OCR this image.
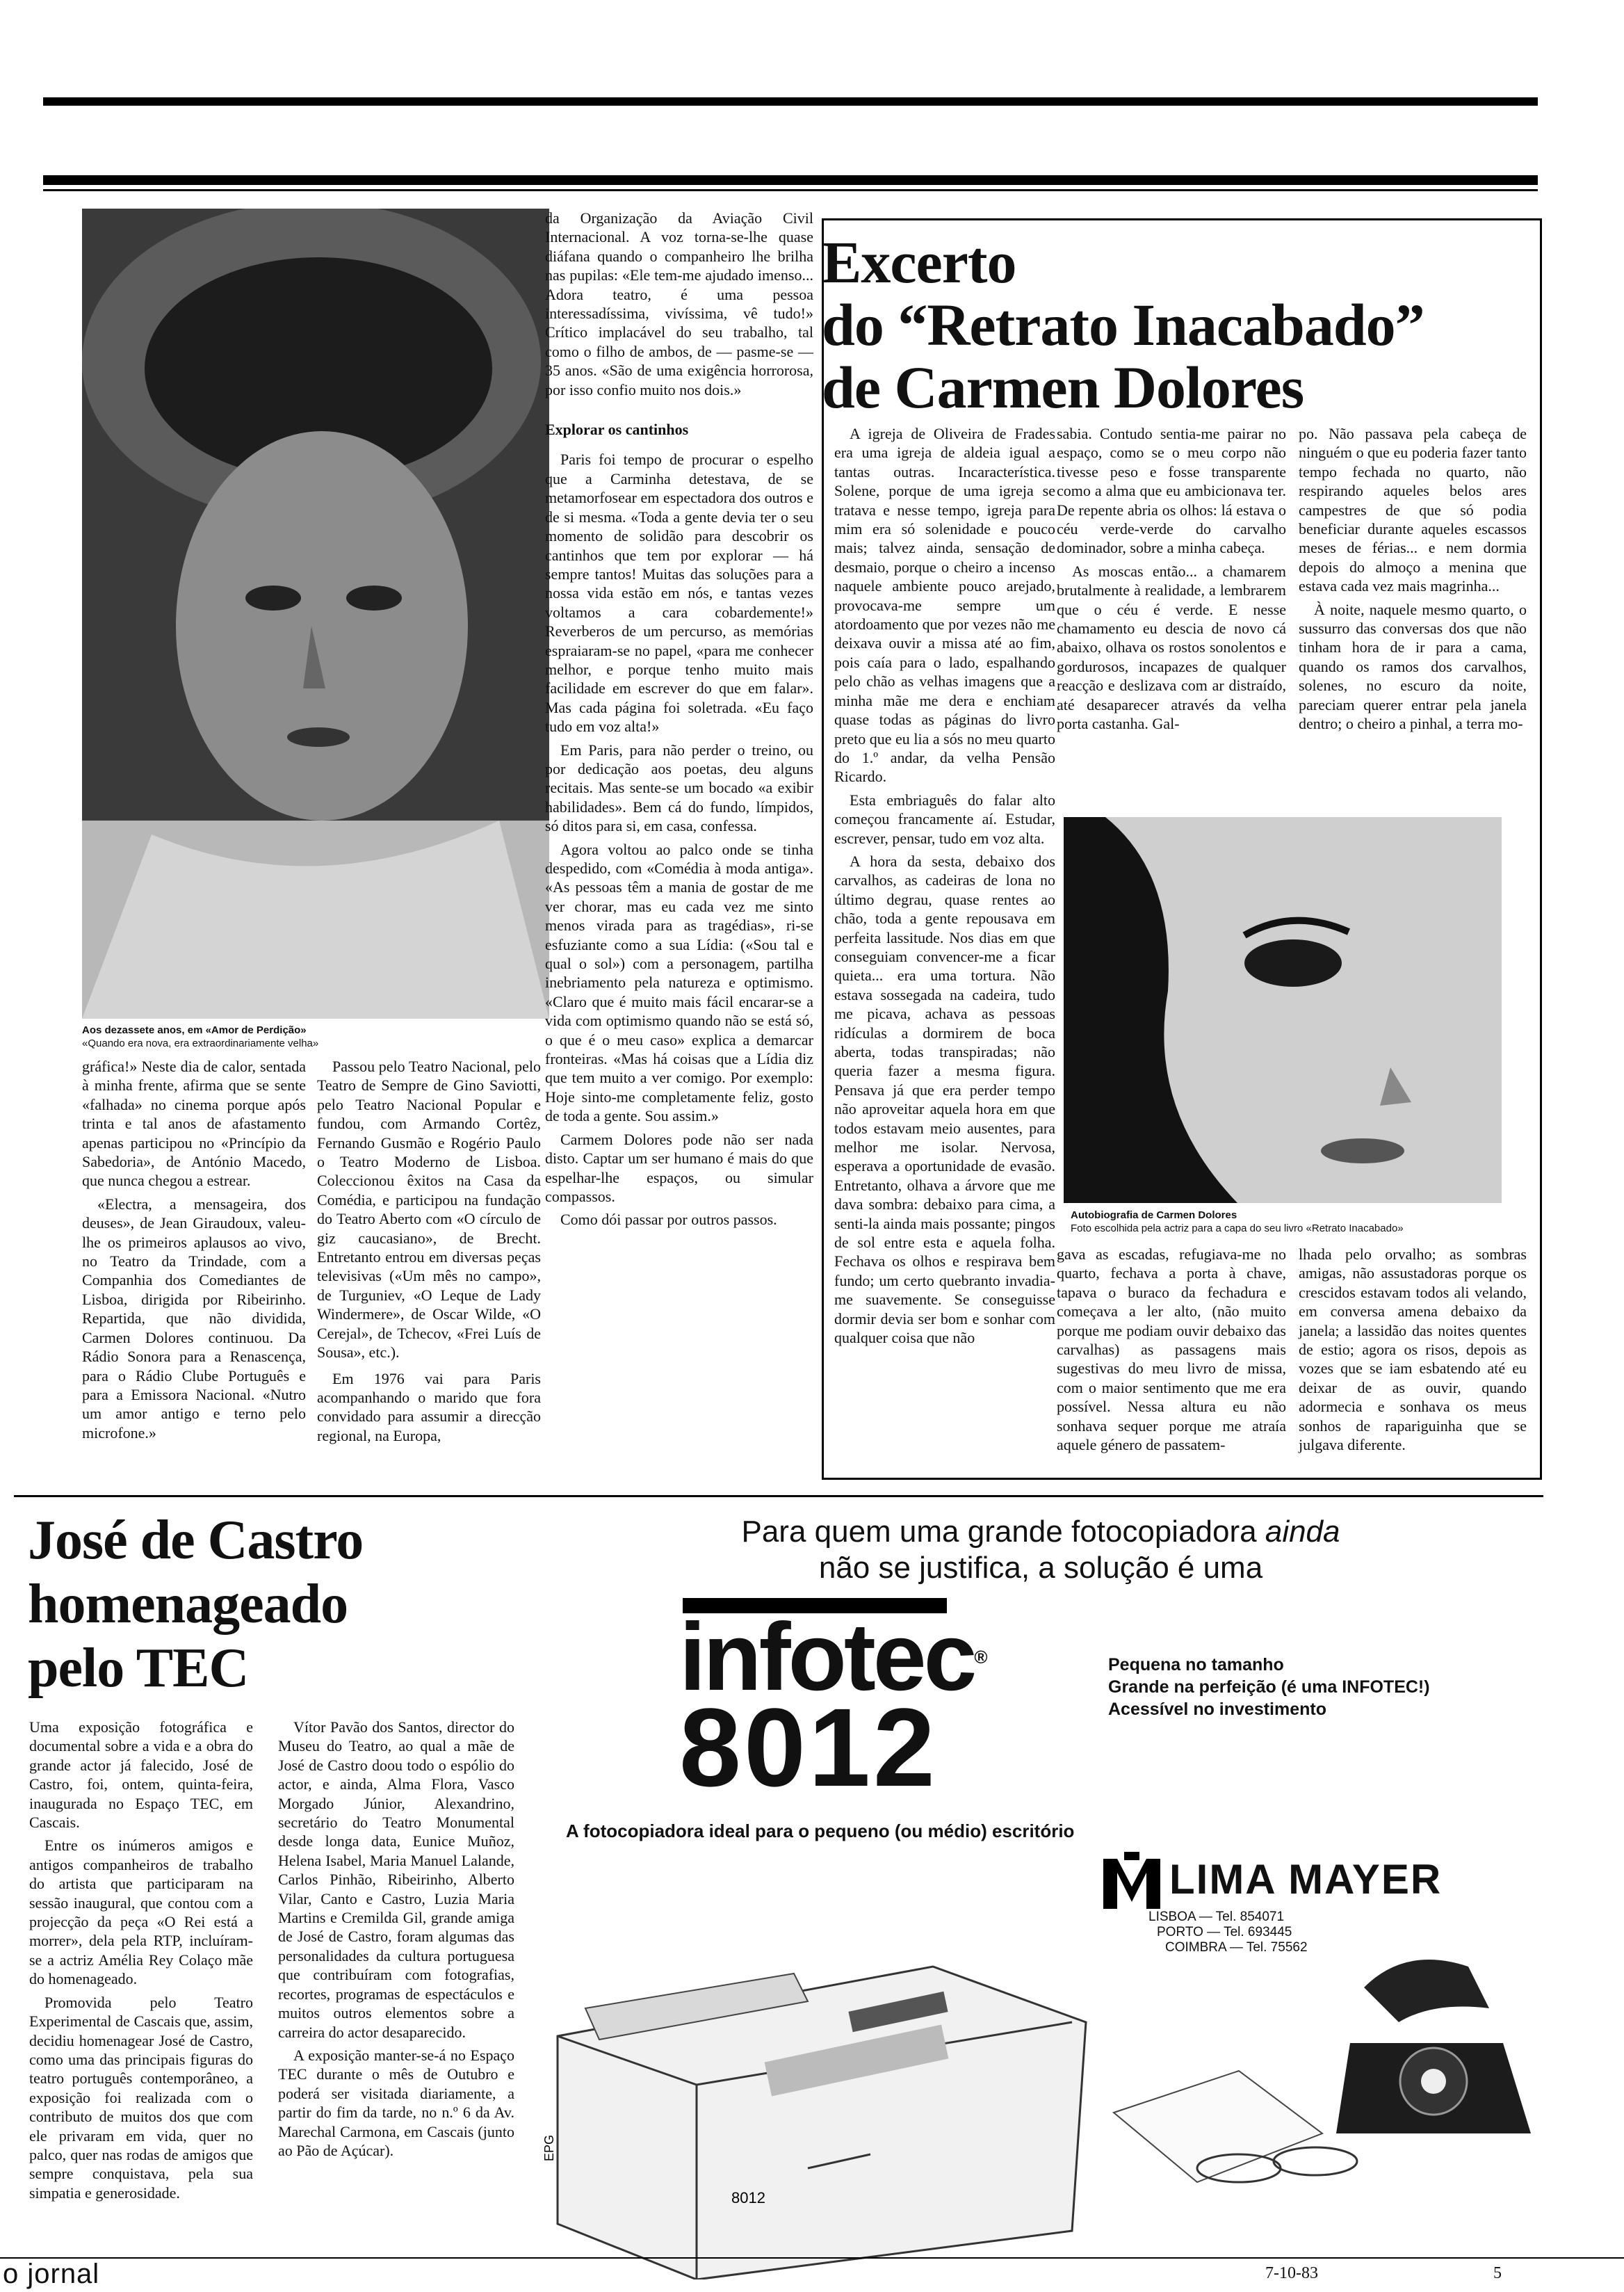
Aos dezassete anos, em «Amor de Perdição»
«Quando era nova, era extraordinariamente velha»

gráfica!» Neste dia de calor, sentada à minha frente, afirma que se sente «falhada» no cinema porque após trinta e tal anos de afastamento apenas participou no «Princípio da Sabedoria», de António Macedo, que nunca chegou a estrear.

«Electra, a mensageira, dos deuses», de Jean Giraudoux, valeu-lhe os primeiros aplausos ao vivo, no Teatro da Trindade, com a Companhia dos Comediantes de Lisboa, dirigida por Ribeirinho. Repartida, que não dividida, Carmen Dolores continuou. Da Rádio Sonora para a Renascença, para o Rádio Clube Português e para a Emissora Nacional. «Nutro um amor antigo e terno pelo microfone.»

Passou pelo Teatro Nacional, pelo Teatro de Sempre de Gino Saviotti, pelo Teatro Nacional Popular e fundou, com Armando Cortêz, Fernando Gusmão e Rogério Paulo o Teatro Moderno de Lisboa. Coleccionou êxitos na Casa da Comédia, e participou na fundação do Teatro Aberto com «O círculo de giz caucasiano», de Brecht. Entretanto entrou em diversas peças televisivas («Um mês no campo», de Turguniev, «O Leque de Lady Windermere», de Oscar Wilde, «O Cerejal», de Tchecov, «Frei Luís de Sousa», etc.).

Em 1976 vai para Paris acompanhando o marido que fora convidado para assumir a direcção regional, na Europa,

da Organização da Aviação Civil Internacional. A voz torna-se-lhe quase diáfana quando o companheiro lhe brilha nas pupilas: «Ele tem-me ajudado imenso... Adora teatro, é uma pessoa interessadíssima, vivíssima, vê tudo!» Crítico implacável do seu trabalho, tal como o filho de ambos, de — pasme-se — 35 anos. «São de uma exigência horrorosa, por isso confio muito nos dois.»

Explorar os cantinhos

Paris foi tempo de procurar o espelho que a Carminha detestava, de se metamorfosear em espectadora dos outros e de si mesma. «Toda a gente devia ter o seu momento de solidão para descobrir os cantinhos que tem por explorar — há sempre tantos! Muitas das soluções para a nossa vida estão em nós, e tantas vezes voltamos a cara cobardemente!» Reverberos de um percurso, as memórias espraiaram-se no papel, «para me conhecer melhor, e porque tenho muito mais facilidade em escrever do que em falar». Mas cada página foi soletrada. «Eu faço tudo em voz alta!»

Em Paris, para não perder o treino, ou por dedicação aos poetas, deu alguns recitais. Mas sente-se um bocado «a exibir habilidades». Bem cá do fundo, límpidos, só ditos para si, em casa, confessa.

Agora voltou ao palco onde se tinha despedido, com «Comédia à moda antiga». «As pessoas têm a mania de gostar de me ver chorar, mas eu cada vez me sinto menos virada para as tragédias», ri-se esfuziante como a sua Lídia: («Sou tal e qual o sol») com a personagem, partilha inebriamento pela natureza e optimismo. «Claro que é muito mais fácil encarar-se a vida com optimismo quando não se está só, o que é o meu caso» explica a demarcar fronteiras. «Mas há coisas que a Lídia diz que tem muito a ver comigo. Por exemplo: Hoje sinto-me completamente feliz, gosto de toda a gente. Sou assim.»

Carmem Dolores pode não ser nada disto. Captar um ser humano é mais do que espelhar-lhe espaços, ou simular compassos.

Como dói passar por outros passos.

Excerto
do “Retrato Inacabado”
de Carmen Dolores

A igreja de Oliveira de Frades era uma igreja de aldeia igual a tantas outras. Incaracterística. Solene, porque de uma igreja se tratava e nesse tempo, igreja para mim era só solenidade e pouco mais; talvez ainda, sensação de desmaio, porque o cheiro a incenso naquele ambiente pouco arejado, provocava-me sempre um atordoamento que por vezes não me deixava ouvir a missa até ao fim, pois caía para o lado, espalhando pelo chão as velhas imagens que a minha mãe me dera e enchiam quase todas as páginas do livro preto que eu lia a sós no meu quarto do 1.º andar, da velha Pensão Ricardo.

Esta embriaguês do falar alto começou francamente aí. Estudar, escrever, pensar, tudo em voz alta.

A hora da sesta, debaixo dos carvalhos, as cadeiras de lona no último degrau, quase rentes ao chão, toda a gente repousava em perfeita lassitude. Nos dias em que conseguiam convencer-me a ficar quieta... era uma tortura. Não estava sossegada na cadeira, tudo me picava, achava as pessoas ridículas a dormirem de boca aberta, todas transpiradas; não queria fazer a mesma figura. Pensava já que era perder tempo não aproveitar aquela hora em que todos estavam meio ausentes, para melhor me isolar. Nervosa, esperava a oportunidade de evasão. Entretanto, olhava a árvore que me dava sombra: debaixo para cima, a senti-la ainda mais possante; pingos de sol entre esta e aquela folha. Fechava os olhos e respirava bem fundo; um certo quebranto invadia-me suavemente. Se conseguisse dormir devia ser bom e sonhar com qualquer coisa que não

sabia. Contudo sentia-me pairar no espaço, como se o meu corpo não tivesse peso e fosse transparente como a alma que eu ambicionava ter. De repente abria os olhos: lá estava o céu verde-verde do carvalho dominador, sobre a minha cabeça.

As moscas então... a chamarem brutalmente à realidade, a lembrarem que o céu é verde. E nesse chamamento eu descia de novo cá abaixo, olhava os rostos sonolentos e gordurosos, incapazes de qualquer reacção e deslizava com ar distraído, até desaparecer através da velha porta castanha. Gal-

po. Não passava pela cabeça de ninguém o que eu poderia fazer tanto tempo fechada no quarto, não respirando aqueles belos ares campestres de que só podia beneficiar durante aqueles escassos meses de férias... e nem dormia depois do almoço a menina que estava cada vez mais magrinha...

À noite, naquele mesmo quarto, o sussurro das conversas dos que não tinham hora de ir para a cama, quando os ramos dos carvalhos, solenes, no escuro da noite, pareciam querer entrar pela janela dentro; o cheiro a pinhal, a terra mo-

Autobiografia de Carmen Dolores
Foto escolhida pela actriz para a capa do seu livro «Retrato Inacabado»

gava as escadas, refugiava-me no quarto, fechava a porta à chave, tapava o buraco da fechadura e começava a ler alto, (não muito porque me podiam ouvir debaixo das carvalhas) as passagens mais sugestivas do meu livro de missa, com o maior sentimento que me era possível. Nessa altura eu não sonhava sequer porque me atraía aquele género de passatem-

lhada pelo orvalho; as sombras amigas, não assustadoras porque os crescidos estavam todos ali velando, em conversa amena debaixo da janela; a lassidão das noites quentes de estio; agora os risos, depois as vozes que se iam esbatendo até eu deixar de as ouvir, quando adormecia e sonhava os meus sonhos de rapariguinha que se julgava diferente.

José de Castro
homenageado
pelo TEC

Uma exposição fotográfica e documental sobre a vida e a obra do grande actor já falecido, José de Castro, foi, ontem, quinta-feira, inaugurada no Espaço TEC, em Cascais.

Entre os inúmeros amigos e antigos companheiros de trabalho do artista que participaram na sessão inaugural, que contou com a projecção da peça «O Rei está a morrer», dela pela RTP, incluíram-se a actriz Amélia Rey Colaço mãe do homenageado.

Promovida pelo Teatro Experimental de Cascais que, assim, decidiu homenagear José de Castro, como uma das principais figuras do teatro português contemporâneo, a exposição foi realizada com o contributo de muitos dos que com ele privaram em vida, quer no palco, quer nas rodas de amigos que sempre conquistava, pela sua simpatia e generosidade.

Vítor Pavão dos Santos, director do Museu do Teatro, ao qual a mãe de José de Castro doou todo o espólio do actor, e ainda, Alma Flora, Vasco Morgado Júnior, Alexandrino, secretário do Teatro Monumental desde longa data, Eunice Muñoz, Helena Isabel, Maria Manuel Lalande, Carlos Pinhão, Ribeirinho, Alberto Vilar, Canto e Castro, Luzia Maria Martins e Cremilda Gil, grande amiga de José de Castro, foram algumas das personalidades da cultura portuguesa que contribuíram com fotografias, recortes, programas de espectáculos e muitos outros elementos sobre a carreira do actor desaparecido.

A exposição manter-se-á no Espaço TEC durante o mês de Outubro e poderá ser visitada diariamente, a partir do fim da tarde, no n.º 6 da Av. Marechal Carmona, em Cascais (junto ao Pão de Açúcar).

Para quem uma grande fotocopiadora ainda
não se justifica, a solução é uma
infotec®
8012
Pequena no tamanho
Grande na perfeição (é uma INFOTEC!)
Acessível no investimento
A fotocopiadora ideal para o pequeno (ou médio) escritório
LIMA MAYER
LISBOA — Tel. 854071
PORTO — Tel. 693445
COIMBRA — Tel. 75562
8012
EPG
o jornal	7-10-83	5
